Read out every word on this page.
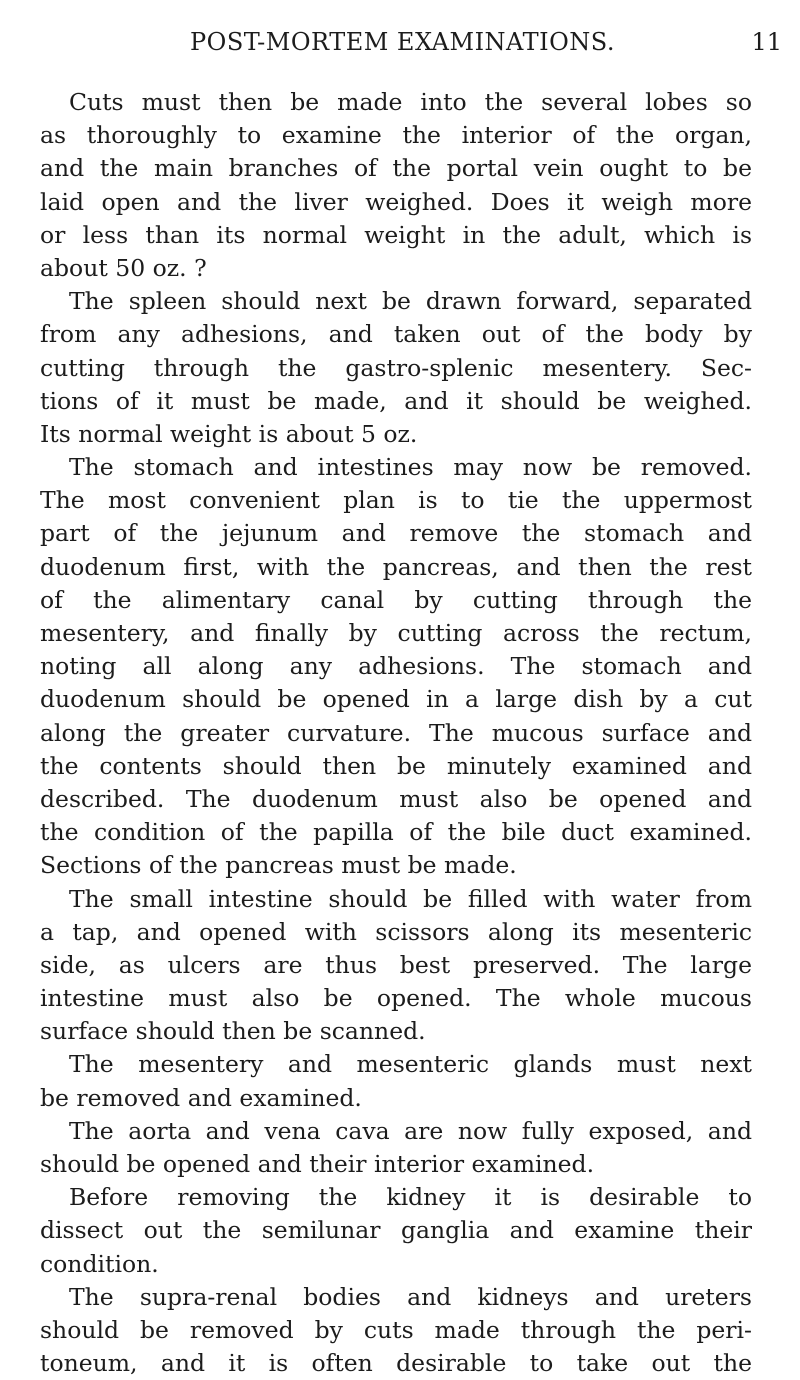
POST-MORTEM EXAMINATIONS.	11
Cuts must then be made into the several lobes so
as thoroughly to examine the interior of the organ,
and the main branches of the portal vein ought to be
laid open and the liver weighed. Does it weigh more
or less than its normal weight in the adult, which is
about 50 oz. ?
The spleen should next be drawn forward, separated
from any adhesions, and taken out of the body by
cutting through the gastro-splenic mesentery. Sec-
tions of it must be made, and it should be weighed.
Its normal weight is about 5 oz.
The stomach and intestines may now be removed.
The most convenient plan is to tie the uppermost
part of the jejunum and remove the stomach and
duodenum first, with the pancreas, and then the rest
of the alimentary canal by cutting through the
mesentery, and finally by cutting across the rectum,
noting all along any adhesions. The stomach and
duodenum should be opened in a large dish by a cut
along the greater curvature. The mucous surface and
the contents should then be minutely examined and
described. The duodenum must also be opened and
the condition of the papilla of the bile duct examined.
Sections of the pancreas must be made.
The small intestine should be filled with water from
a tap, and opened with scissors along its mesenteric
side, as ulcers are thus best preserved. The large
intestine must also be opened. The whole mucous
surface should then be scanned.
The mesentery and mesenteric glands must next
be removed and examined.
The aorta and vena cava are now fully exposed, and
should be opened and their interior examined.
Before removing the kidney it is desirable to
dissect out the semilunar ganglia and examine their
condition.
The supra-renal bodies and kidneys and ureters
should be removed by cuts made through the peri-
toneum, and it is often desirable to take out the
